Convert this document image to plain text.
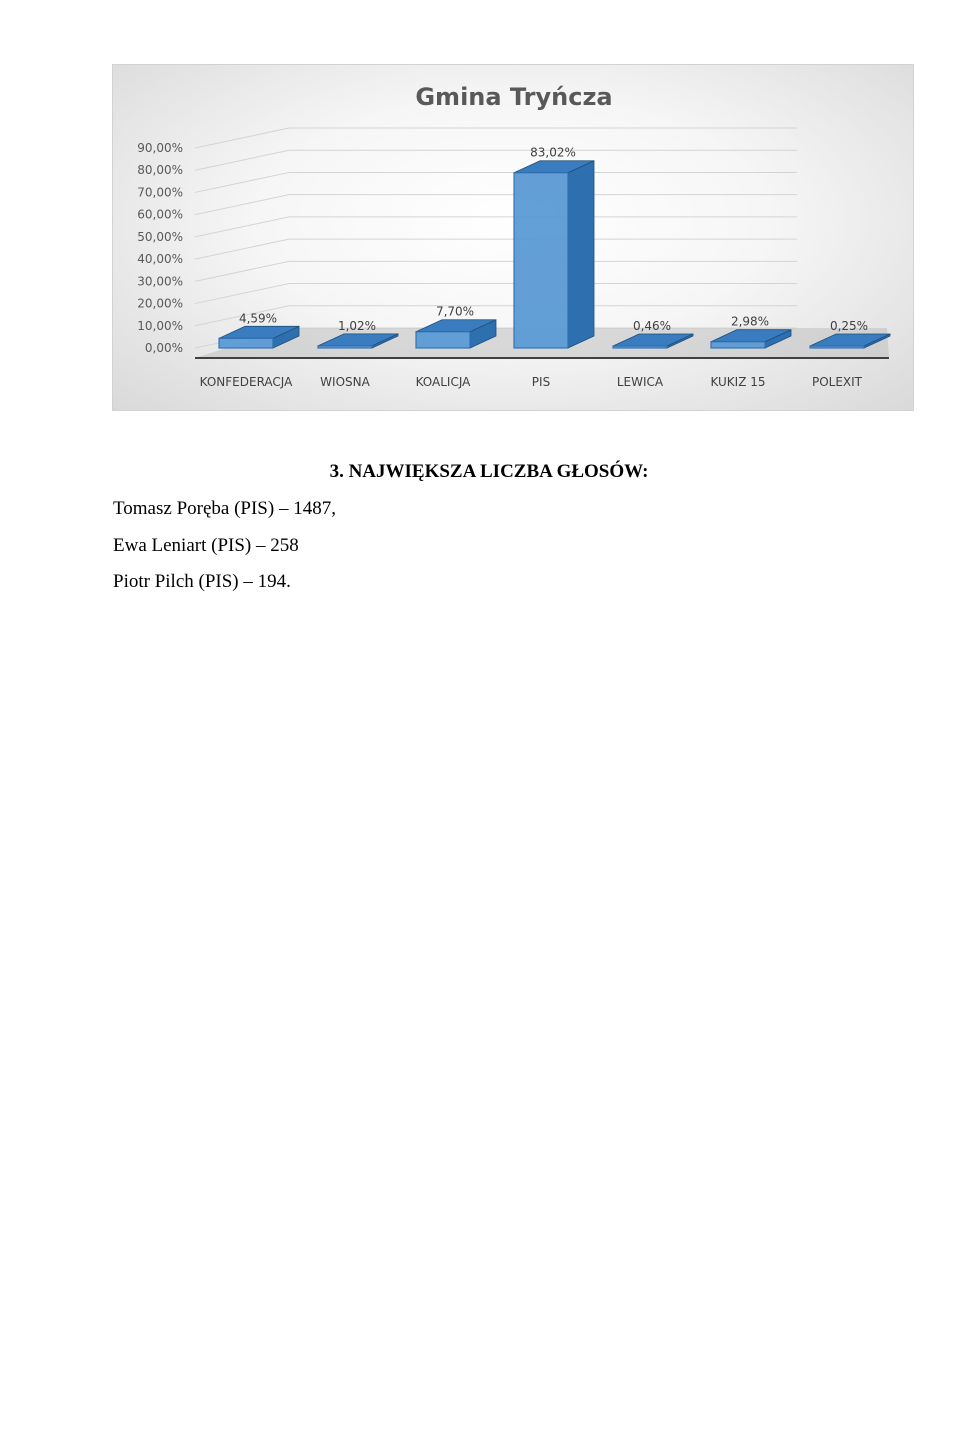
Gmina Tryńcza
0,00%
10,00%
20,00%
30,00%
40,00%
50,00%
60,00%
70,00%
80,00%
90,00%
4,59%
KONFEDERACJA
1,02%
WIOSNA
7,70%
KOALICJA
83,02%
PIS
0,46%
LEWICA
2,98%
KUKIZ 15
0,25%
POLEXIT
3. NAJWIĘKSZA LICZBA GŁOSÓW:
Tomasz Poręba (PIS) – 1487,
Ewa Leniart (PIS) – 258
Piotr Pilch (PIS) – 194.
